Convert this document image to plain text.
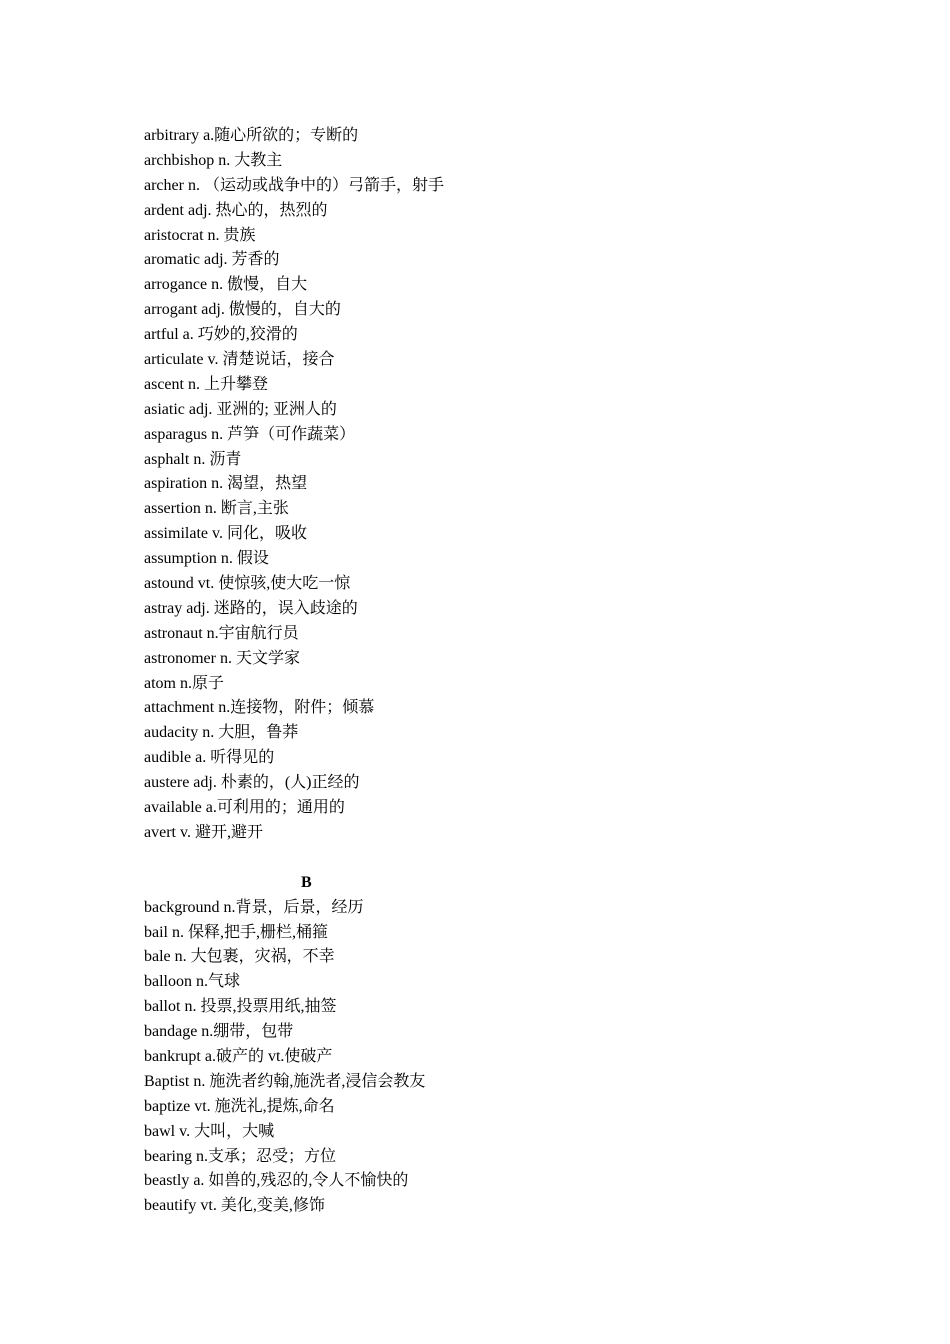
arbitrary a.随心所欲的；专断的
archbishop n. 大教主
archer n. （运动或战争中的）弓箭手，射手
ardent adj. 热心的，热烈的
aristocrat n. 贵族
aromatic adj. 芳香的
arrogance n. 傲慢，自大
arrogant adj. 傲慢的，自大的
artful a. 巧妙的,狡滑的
articulate v. 清楚说话，接合
ascent n. 上升攀登
asiatic adj. 亚洲的; 亚洲人的
asparagus n. 芦笋（可作蔬菜）
asphalt n. 沥青
aspiration n. 渴望，热望
assertion n. 断言,主张
assimilate v. 同化，吸收
assumption n. 假设
astound vt. 使惊骇,使大吃一惊
astray adj. 迷路的，误入歧途的
astronaut n.宇宙航行员
astronomer n. 天文学家
atom n.原子
attachment n.连接物，附件；倾慕
audacity n. 大胆，鲁莽
audible a. 听得见的
austere adj. 朴素的，(人)正经的
available a.可利用的；通用的
avert v. 避开,避开
B
background n.背景，后景，经历
bail n. 保释,把手,栅栏,桶箍
bale n. 大包裹，灾祸，不幸
balloon n.气球
ballot n. 投票,投票用纸,抽签
bandage n.绷带，包带
bankrupt a.破产的 vt.使破产
Baptist n. 施洗者约翰,施洗者,浸信会教友
baptize vt. 施洗礼,提炼,命名
bawl v. 大叫，大喊
bearing n.支承；忍受；方位
beastly a. 如兽的,残忍的,令人不愉快的
beautify vt. 美化,变美,修饰
